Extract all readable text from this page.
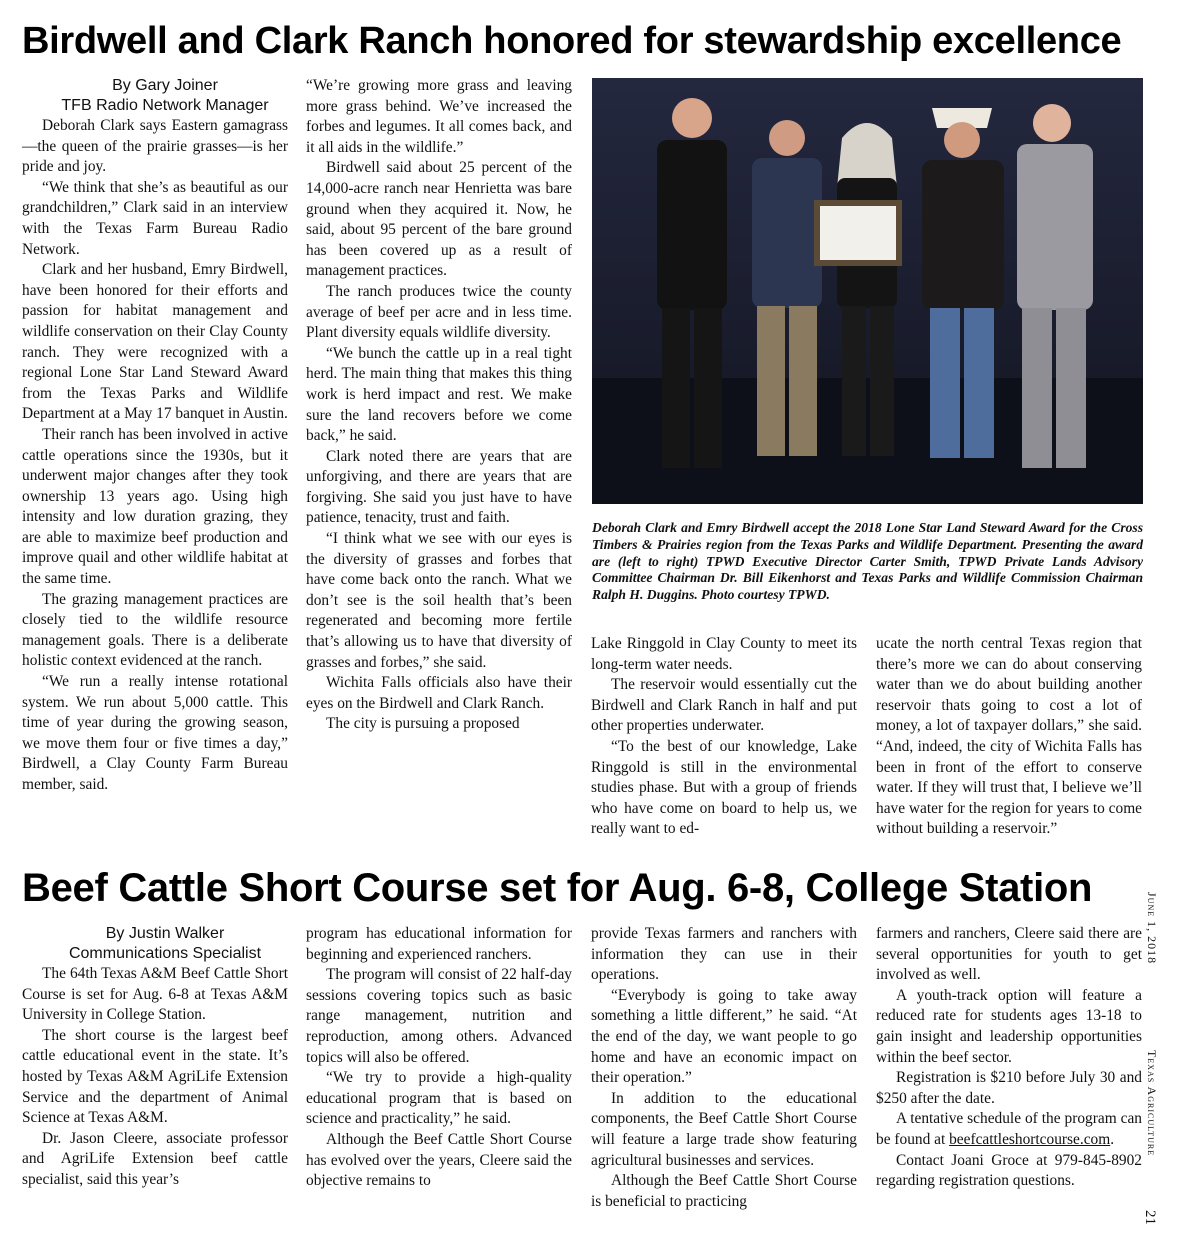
Birdwell and Clark Ranch honored for stewardship excellence

By Gary Joiner

TFB Radio Network Manager

Deborah Clark says Eastern gamagrass—the queen of the prairie grasses—is her pride and joy.

“We think that she’s as beautiful as our grandchildren,” Clark said in an interview with the Texas Farm Bureau Radio Network.

Clark and her husband, Emry Birdwell, have been honored for their efforts and passion for habitat management and wildlife conservation on their Clay County ranch. They were recognized with a regional Lone Star Land Steward Award from the Texas Parks and Wildlife Department at a May 17 banquet in Austin.

Their ranch has been involved in active cattle operations since the 1930s, but it underwent major changes after they took ownership 13 years ago. Using high intensity and low duration grazing, they are able to maximize beef production and improve quail and other wildlife habitat at the same time.

The grazing management practices are closely tied to the wildlife resource management goals. There is a deliberate holistic context evidenced at the ranch.

“We run a really intense rotational system. We run about 5,000 cattle. This time of year during the growing season, we move them four or five times a day,” Birdwell, a Clay County Farm Bureau member, said.

“We’re growing more grass and leaving more grass behind. We’ve increased the forbes and legumes. It all comes back, and it all aids in the wildlife.”

Birdwell said about 25 percent of the 14,000-acre ranch near Henrietta was bare ground when they acquired it. Now, he said, about 95 percent of the bare ground has been covered up as a result of management practices.

The ranch produces twice the county average of beef per acre and in less time. Plant diversity equals wildlife diversity.

“We bunch the cattle up in a real tight herd. The main thing that makes this thing work is herd impact and rest. We make sure the land recovers before we come back,” he said.

Clark noted there are years that are unforgiving, and there are years that are forgiving. She said you just have to have patience, tenacity, trust and faith.

“I think what we see with our eyes is the diversity of grasses and forbes that have come back onto the ranch. What we don’t see is the soil health that’s been regenerated and becoming more fertile that’s allowing us to have that diversity of grasses and forbes,” she said.

Wichita Falls officials also have their eyes on the Birdwell and Clark Ranch.

The city is pursuing a proposed

Deborah Clark and Emry Birdwell accept the 2018 Lone Star Land Steward Award for the Cross Timbers & Prairies region from the Texas Parks and Wildlife Department. Presenting the award are (left to right) TPWD Executive Director Carter Smith, TPWD Private Lands Advisory Committee Chairman Dr. Bill Eikenhorst and Texas Parks and Wildlife Commission Chairman Ralph H. Duggins. Photo courtesy TPWD.

Lake Ringgold in Clay County to meet its long-term water needs.

The reservoir would essentially cut the Birdwell and Clark Ranch in half and put other properties underwater.

“To the best of our knowledge, Lake Ringgold is still in the environmental studies phase. But with a group of friends who have come on board to help us, we really want to ed-

ucate the north central Texas region that there’s more we can do about conserving water than we do about building another reservoir thats going to cost a lot of money, a lot of taxpayer dollars,” she said. “And, indeed, the city of Wichita Falls has been in front of the effort to conserve water. If they will trust that, I believe we’ll have water for the region for years to come without building a reservoir.”

Beef Cattle Short Course set for Aug. 6-8, College Station

By Justin Walker

Communications Specialist

The 64th Texas A&M Beef Cattle Short Course is set for Aug. 6-8 at Texas A&M University in College Station.

The short course is the largest beef cattle educational event in the state. It’s hosted by Texas A&M AgriLife Extension Service and the department of Animal Science at Texas A&M.

Dr. Jason Cleere, associate professor and AgriLife Extension beef cattle specialist, said this year’s

program has educational information for beginning and experienced ranchers.

The program will consist of 22 half-day sessions covering topics such as basic range management, nutrition and reproduction, among others. Advanced topics will also be offered.

“We try to provide a high-quality educational program that is based on science and practicality,” he said.

Although the Beef Cattle Short Course has evolved over the years, Cleere said the objective remains to

provide Texas farmers and ranchers with information they can use in their operations.

“Everybody is going to take away something a little different,” he said. “At the end of the day, we want people to go home and have an economic impact on their operation.”

In addition to the educational components, the Beef Cattle Short Course will feature a large trade show featuring agricultural businesses and services.

Although the Beef Cattle Short Course is beneficial to practicing

farmers and ranchers, Cleere said there are several opportunities for youth to get involved as well.

A youth-track option will feature a reduced rate for students ages 13-18 to gain insight and leadership opportunities within the beef sector.

Registration is $210 before July 30 and $250 after the date.

A tentative schedule of the program can be found at beefcattleshortcourse.com.

Contact Joani Groce at 979-845-8902 regarding registration questions.

June 1, 2018
Texas Agriculture
21
